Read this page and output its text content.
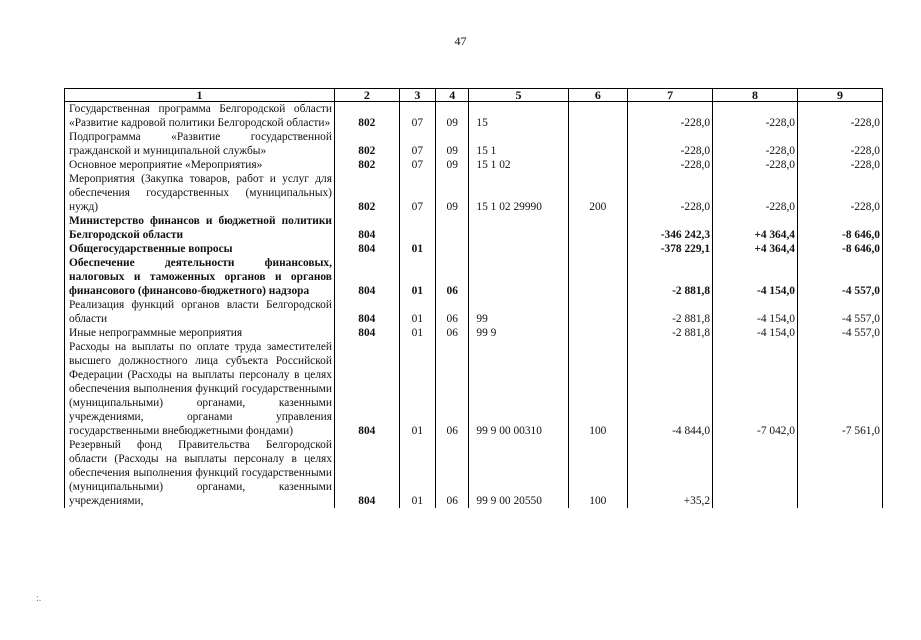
47
:.
1	2	3	4	5	6	7	8	9
Государственная программа Белгородской области «Развитие кадровой политики Белгородской области»	802	07	09	15		-228,0	-228,0	-228,0
Подпрограмма «Развитие государственной гражданской и муниципальной службы»	802	07	09	15 1		-228,0	-228,0	-228,0
Основное мероприятие «Мероприятия»	802	07	09	15 1 02		-228,0	-228,0	-228,0
Мероприятия (Закупка товаров, работ и услуг для обеспечения государственных (муниципальных) нужд)	802	07	09	15 1 02 29990	200	-228,0	-228,0	-228,0
Министерство финансов и бюджетной политики Белгородской области	804					-346 242,3	+4 364,4	-8 646,0
Общегосударственные вопросы	804	01				-378 229,1	+4 364,4	-8 646,0
Обеспечение деятельности финансовых, налоговых и таможенных органов и органов финансового (финансово-бюджетного) надзора	804	01	06			-2 881,8	-4 154,0	-4 557,0
Реализация функций органов власти Белгородской области	804	01	06	99		-2 881,8	-4 154,0	-4 557,0
Иные непрограммные мероприятия	804	01	06	99 9		-2 881,8	-4 154,0	-4 557,0
Расходы на выплаты по оплате труда заместителей высшего должностного лица субъекта Российской Федерации (Расходы на выплаты персоналу в целях обеспечения выполнения функций государственными (муниципальными) органами, казенными учреждениями, органами управления государственными внебюджетными фондами)	804	01	06	99 9 00 00310	100	-4 844,0	-7 042,0	-7 561,0
Резервный фонд Правительства Белгородской области (Расходы на выплаты персоналу в целях обеспечения выполнения функций государственными (муниципальными) органами, казенными учреждениями,	804	01	06	99 9 00 20550	100	+35,2		
